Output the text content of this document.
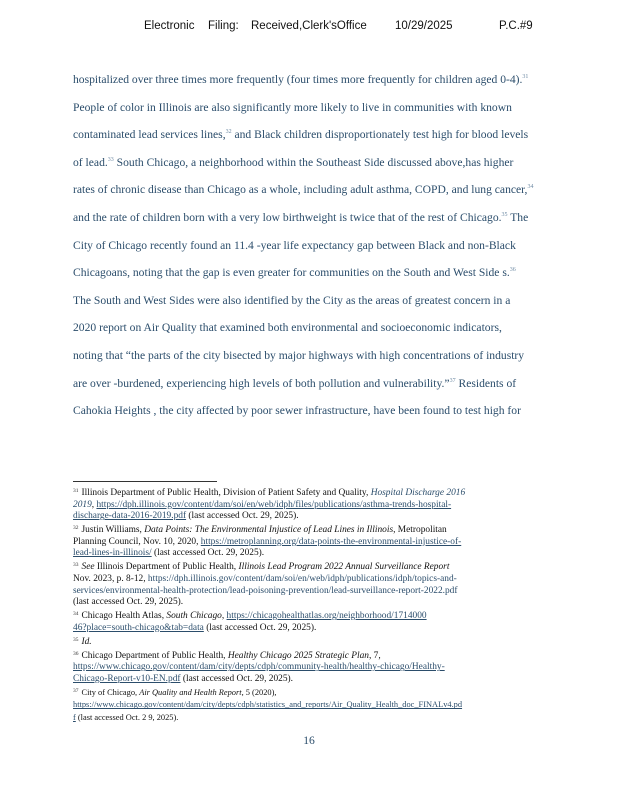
Electronic Filing: Received,Clerk'sOffice 10/29/2025	P.C.#9
hospitalized over three times more frequently (four times more frequently for children aged 0-4).$^{31}$
People of color in Illinois are also significantly more likely to live in communities with known
contaminated lead services lines,$^{32}$ and Black children disproportionately test high for blood levels
of lead.$^{33}$ South Chicago, a neighborhood within the Southeast Side discussed above,has higher
rates of chronic disease than Chicago as a whole, including adult asthma, COPD, and lung cancer,$^{34}$
and the rate of children born with a very low birthweight is twice that of the rest of Chicago.$^{35}$ The
City of Chicago recently found an 11.4 -year life expectancy gap between Black and non-Black
Chicagoans, noting that the gap is even greater for communities on the South and West Side s.$^{36}$
The South and West Sides were also identified by the City as the areas of greatest concern in a
2020 report on Air Quality that examined both environmental and socioeconomic indicators,
noting that “the parts of the city bisected by major highways with high concentrations of industry
are over -burdened, experiencing high levels of both pollution and vulnerability.”$^{37}$ Residents of
Cahokia Heights , the city affected by poor sewer infrastructure, have been found to test high for
$^{31}$ Illinois Department of Public Health, Division of Patient Safety and Quality, Hospital Discharge 2016
2019, https://dph.illinois.gov/content/dam/soi/en/web/idph/files/publications/asthma-trends-hospital-
discharge-data-2016-2019.pdf (last accessed Oct. 29, 2025).
$^{32}$ Justin Williams, Data Points: The Environmental Injustice of Lead Lines in Illinois, Metropolitan
Planning Council, Nov. 10, 2020, https://metroplanning.org/data-points-the-environmental-injustice-of-
lead-lines-in-illinois/ (last accessed Oct. 29, 2025).
$^{33}$ See Illinois Department of Public Health, Illinois Lead Program 2022 Annual Surveillance Report
Nov. 2023, p. 8-12, https://dph.illinois.gov/content/dam/soi/en/web/idph/publications/idph/topics-and-
services/environmental-health-protection/lead-poisoning-prevention/lead-surveillance-report-2022.pdf
(last accessed Oct. 29, 2025).
$^{34}$ Chicago Health Atlas, South Chicago, https://chicagohealthatlas.org/neighborhood/1714000
46?place=south-chicago&tab=data (last accessed Oct. 29, 2025).
$^{35}$ Id.
$^{36}$ Chicago Department of Public Health, Healthy Chicago 2025 Strategic Plan, 7,
https://www.chicago.gov/content/dam/city/depts/cdph/community-health/healthy-chicago/Healthy-
Chicago-Report-v10-EN.pdf (last accessed Oct. 29, 2025).
$^{37}$ City of Chicago, Air Quality and Health Report, 5 (2020),
https://www.chicago.gov/content/dam/city/depts/cdph/statistics_and_reports/Air_Quality_Health_doc_FINALv4.pd
f (last accessed Oct. 2 9, 2025).
16
